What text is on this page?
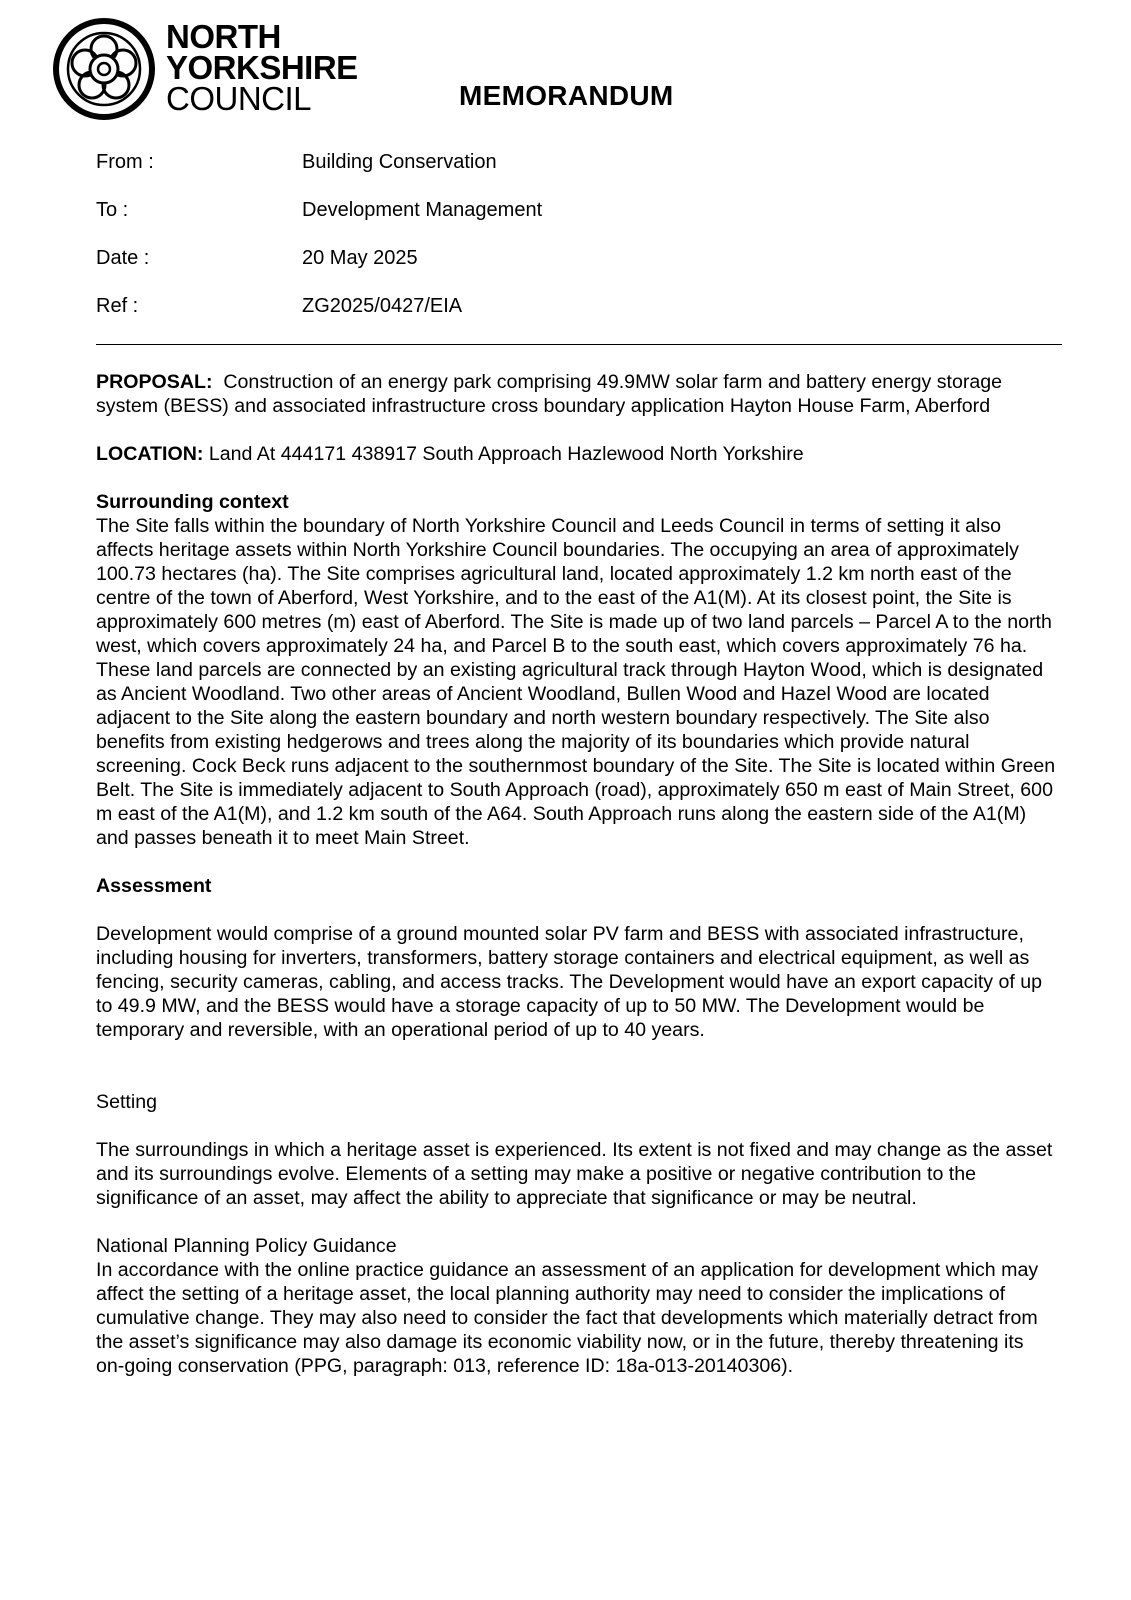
NORTH
YORKSHIRE
COUNCIL	MEMORANDUM
From :	Building Conservation
To :	Development Management
Date :	20 May 2025
Ref :	ZG2025/0427/EIA

PROPOSAL: Construction of an energy park comprising 49.9MW solar farm and battery energy storage system (BESS) and associated infrastructure cross boundary application Hayton House Farm, Aberford

LOCATION: Land At 444171 438917 South Approach Hazlewood North Yorkshire

Surrounding context

The Site falls within the boundary of North Yorkshire Council and Leeds Council in terms of setting it also affects heritage assets within North Yorkshire Council boundaries. The occupying an area of approximately 100.73 hectares (ha). The Site comprises agricultural land, located approximately 1.2 km north east of the centre of the town of Aberford, West Yorkshire, and to the east of the A1(M). At its closest point, the Site is approximately 600 metres (m) east of Aberford. The Site is made up of two land parcels – Parcel A to the north west, which covers approximately 24 ha, and Parcel B to the south east, which covers approximately 76 ha. These land parcels are connected by an existing agricultural track through Hayton Wood, which is designated as Ancient Woodland. Two other areas of Ancient Woodland, Bullen Wood and Hazel Wood are located adjacent to the Site along the eastern boundary and north western boundary respectively. The Site also benefits from existing hedgerows and trees along the majority of its boundaries which provide natural screening. Cock Beck runs adjacent to the southernmost boundary of the Site. The Site is located within Green Belt. The Site is immediately adjacent to South Approach (road), approximately 650 m east of Main Street, 600 m east of the A1(M), and 1.2 km south of the A64. South Approach runs along the eastern side of the A1(M) and passes beneath it to meet Main Street.

Assessment

Development would comprise of a ground mounted solar PV farm and BESS with associated infrastructure, including housing for inverters, transformers, battery storage containers and electrical equipment, as well as fencing, security cameras, cabling, and access tracks. The Development would have an export capacity of up to 49.9 MW, and the BESS would have a storage capacity of up to 50 MW. The Development would be temporary and reversible, with an operational period of up to 40 years.

Setting

The surroundings in which a heritage asset is experienced. Its extent is not fixed and may change as the asset and its surroundings evolve. Elements of a setting may make a positive or negative contribution to the significance of an asset, may affect the ability to appreciate that significance or may be neutral.

National Planning Policy Guidance

In accordance with the online practice guidance an assessment of an application for development which may affect the setting of a heritage asset, the local planning authority may need to consider the implications of cumulative change. They may also need to consider the fact that developments which materially detract from the asset’s significance may also damage its economic viability now, or in the future, thereby threatening its on-going conservation (PPG, paragraph: 013, reference ID: 18a-013-20140306).
